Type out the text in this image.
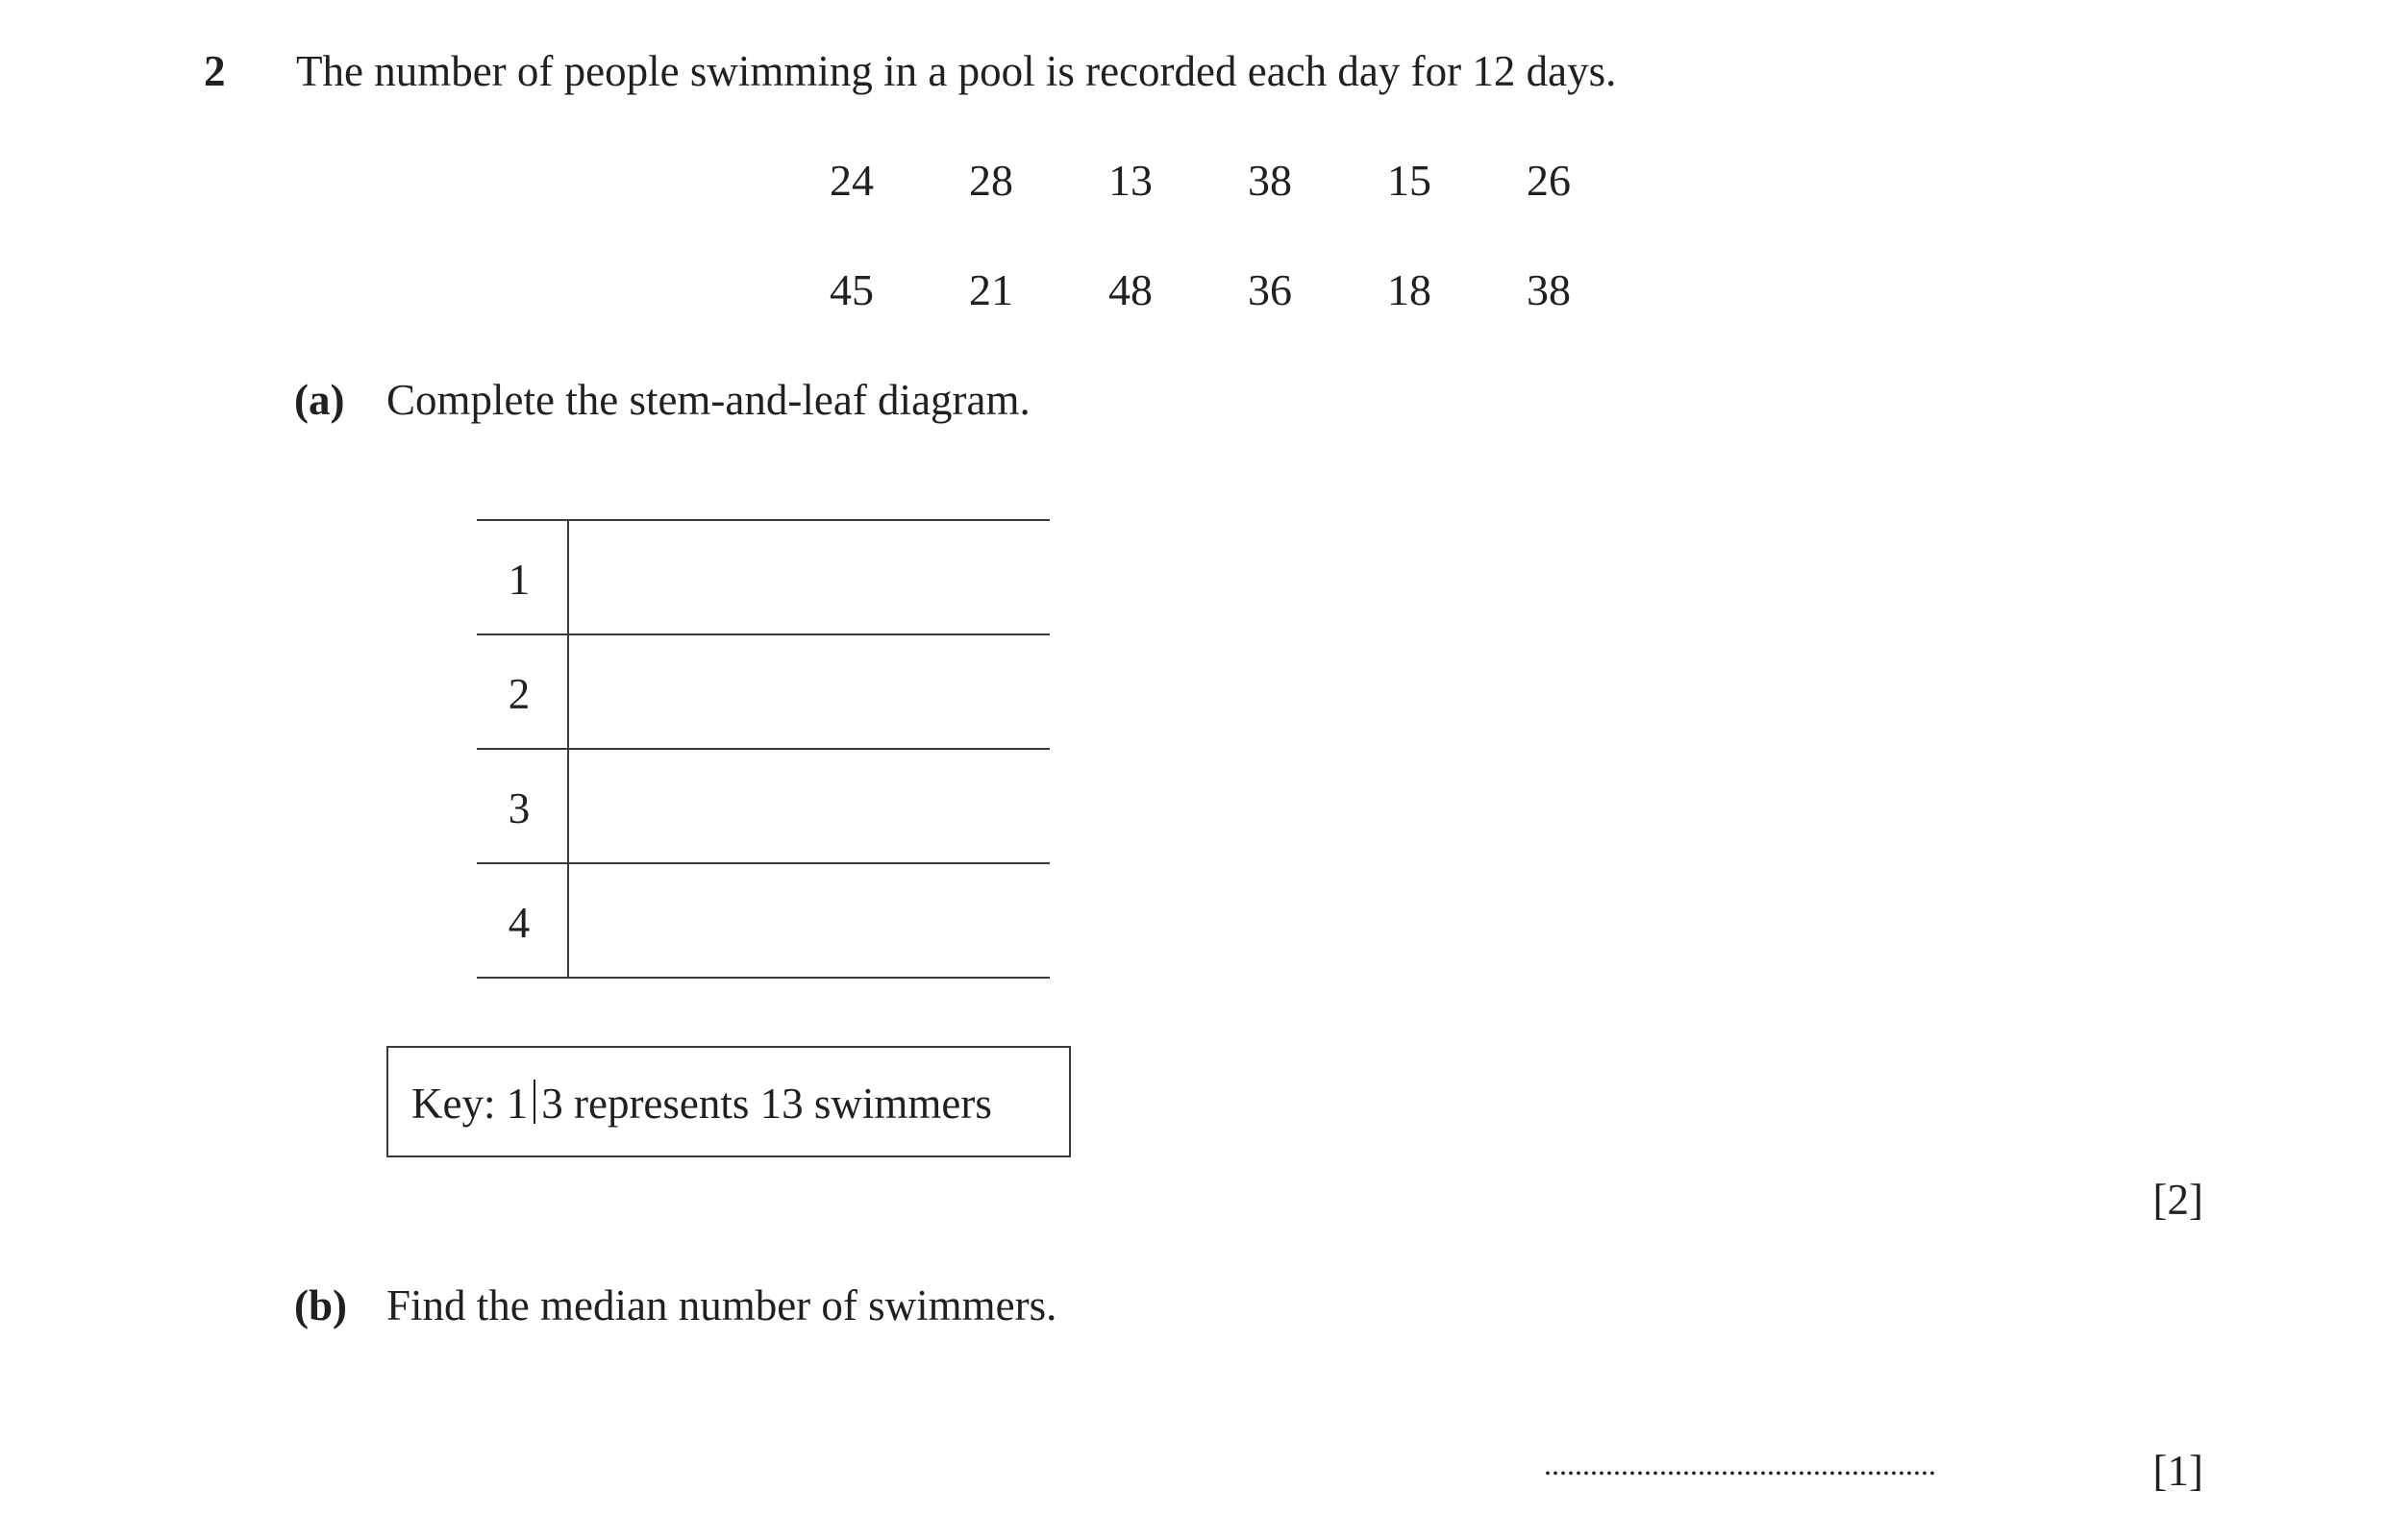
2 The number of people swimming in a pool is recorded each day for 12 days.
24	28	13	38	15	26
45	21	48	36	18	38
(a) Complete the stem-and-leaf diagram.
1
2
3
4
Key: 1 3 represents 13 swimmers
[2]
(b) Find the median number of swimmers.
...................................................	[1]
